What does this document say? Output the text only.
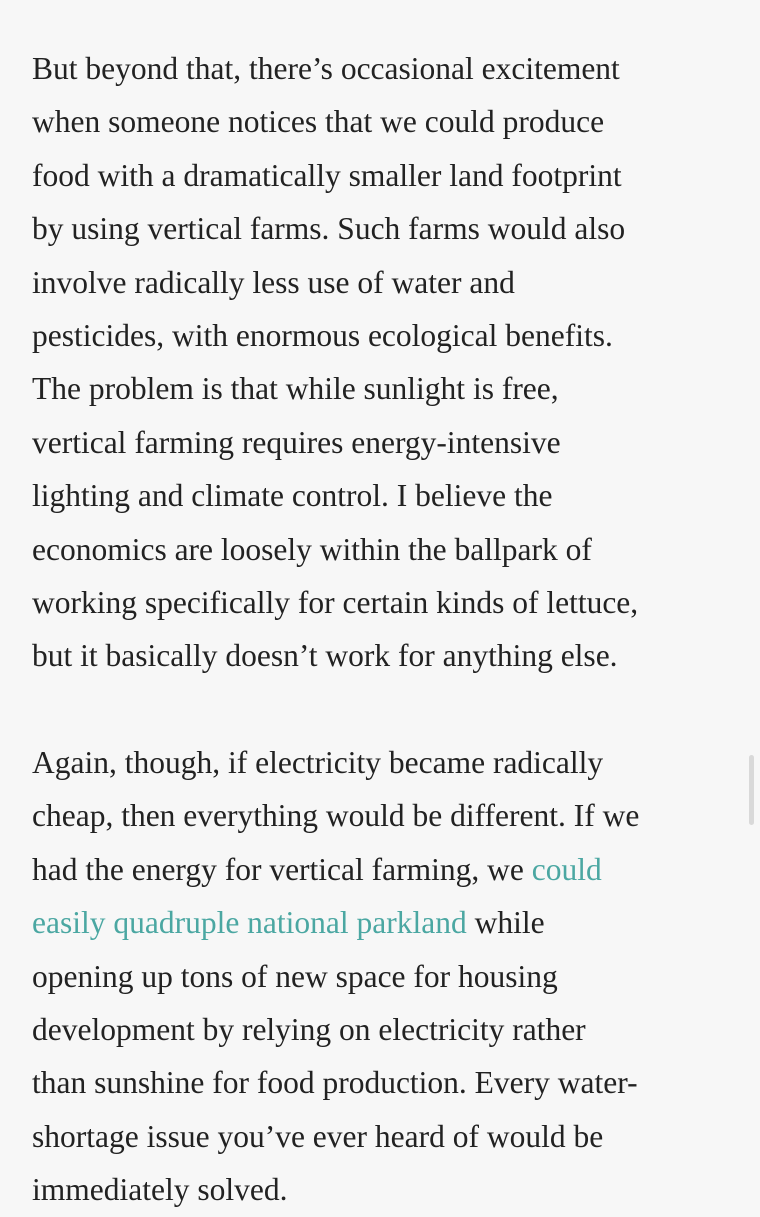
But beyond that, there’s occasional excitement
when someone notices that we could produce
food with a dramatically smaller land footprint
by using vertical farms. Such farms would also
involve radically less use of water and
pesticides, with enormous ecological benefits.
The problem is that while sunlight is free,
vertical farming requires energy-intensive
lighting and climate control. I believe the
economics are loosely within the ballpark of
working specifically for certain kinds of lettuce,
but it basically doesn’t work for anything else.
Again, though, if electricity became radically
cheap, then everything would be different. If we
had the energy for vertical farming, we could
easily quadruple national parkland while
opening up tons of new space for housing
development by relying on electricity rather
than sunshine for food production. Every water-
shortage issue you’ve ever heard of would be
immediately solved.
